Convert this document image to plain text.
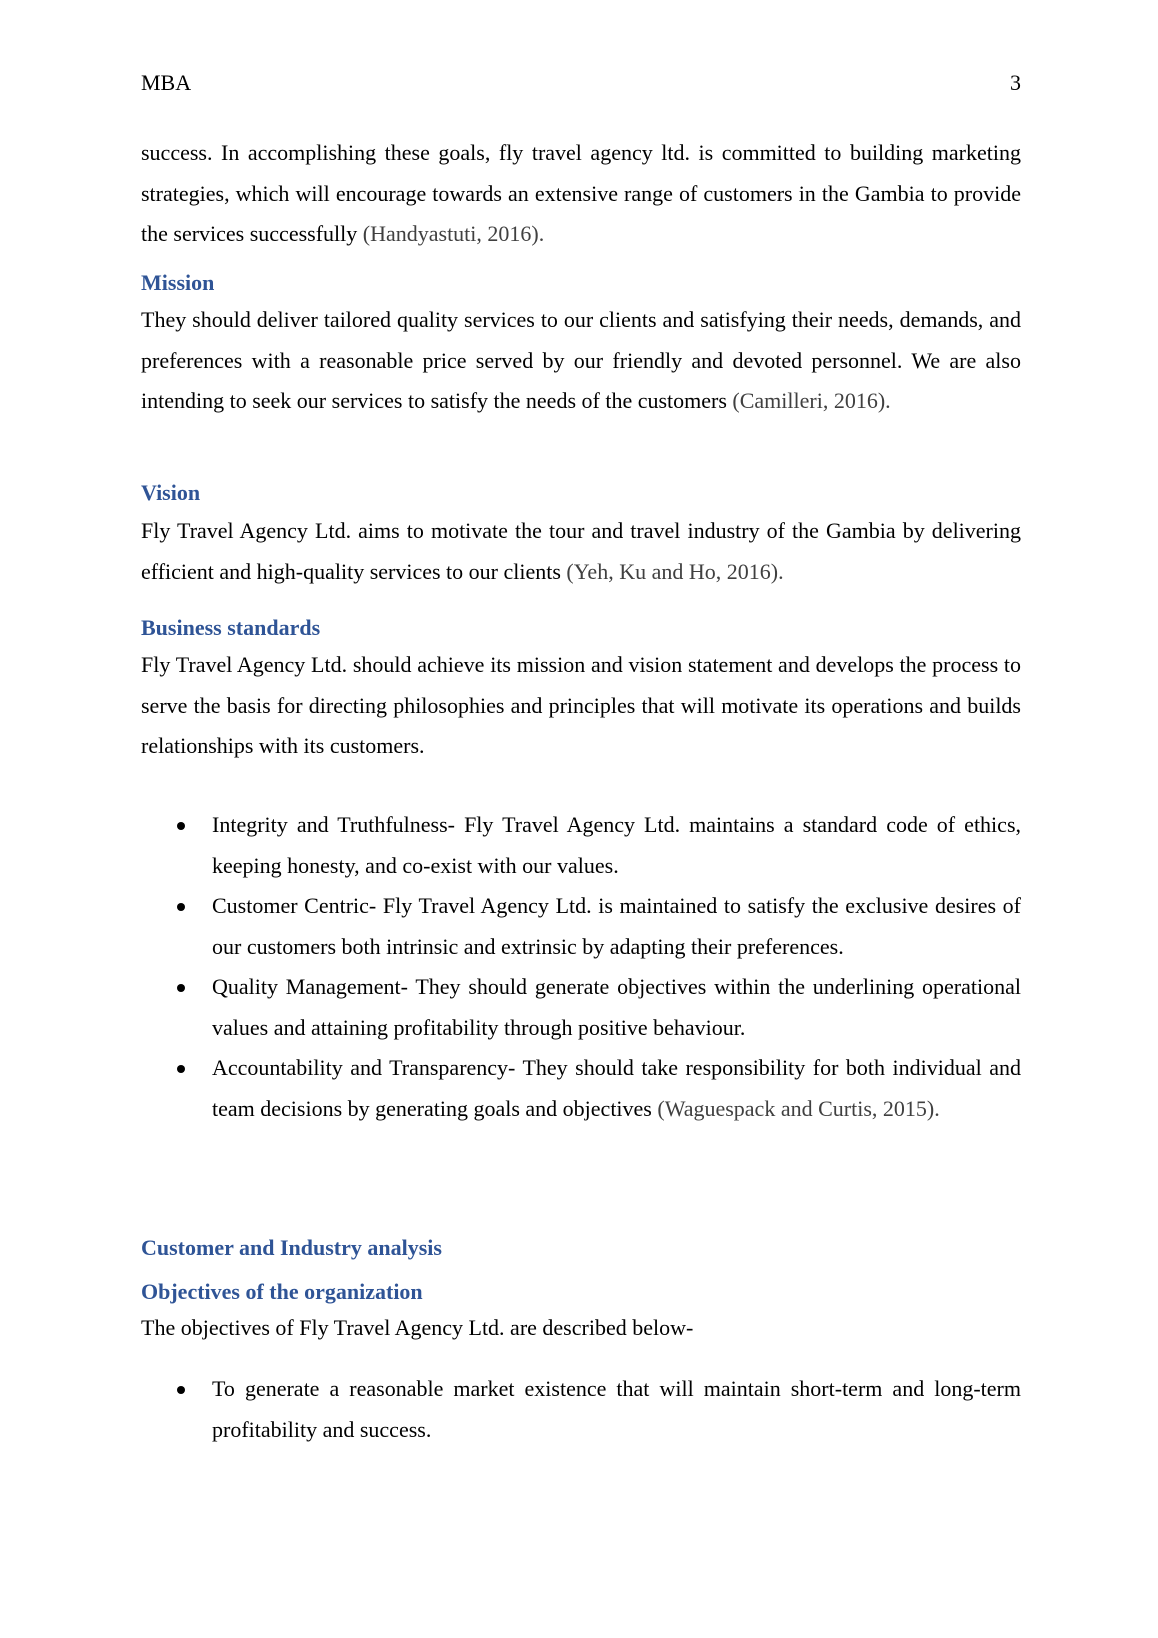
MBA	3

success. In accomplishing these goals, fly travel agency ltd. is committed to building marketing strategies, which will encourage towards an extensive range of customers in the Gambia to provide the services successfully (Handyastuti, 2016).

Mission

They should deliver tailored quality services to our clients and satisfying their needs, demands, and preferences with a reasonable price served by our friendly and devoted personnel. We are also intending to seek our services to satisfy the needs of the customers (Camilleri, 2016).

Vision

Fly Travel Agency Ltd. aims to motivate the tour and travel industry of the Gambia by delivering efficient and high-quality services to our clients (Yeh, Ku and Ho, 2016).

Business standards

Fly Travel Agency Ltd. should achieve its mission and vision statement and develops the process to serve the basis for directing philosophies and principles that will motivate its operations and builds relationships with its customers.

Integrity and Truthfulness- Fly Travel Agency Ltd. maintains a standard code of ethics, keeping honesty, and co-exist with our values.
Customer Centric- Fly Travel Agency Ltd. is maintained to satisfy the exclusive desires of our customers both intrinsic and extrinsic by adapting their preferences.
Quality Management- They should generate objectives within the underlining operational values and attaining profitability through positive behaviour.
Accountability and Transparency- They should take responsibility for both individual and team decisions by generating goals and objectives (Waguespack and Curtis, 2015).
Customer and Industry analysis
Objectives of the organization

The objectives of Fly Travel Agency Ltd. are described below-

To generate a reasonable market existence that will maintain short-term and long-term profitability and success.
